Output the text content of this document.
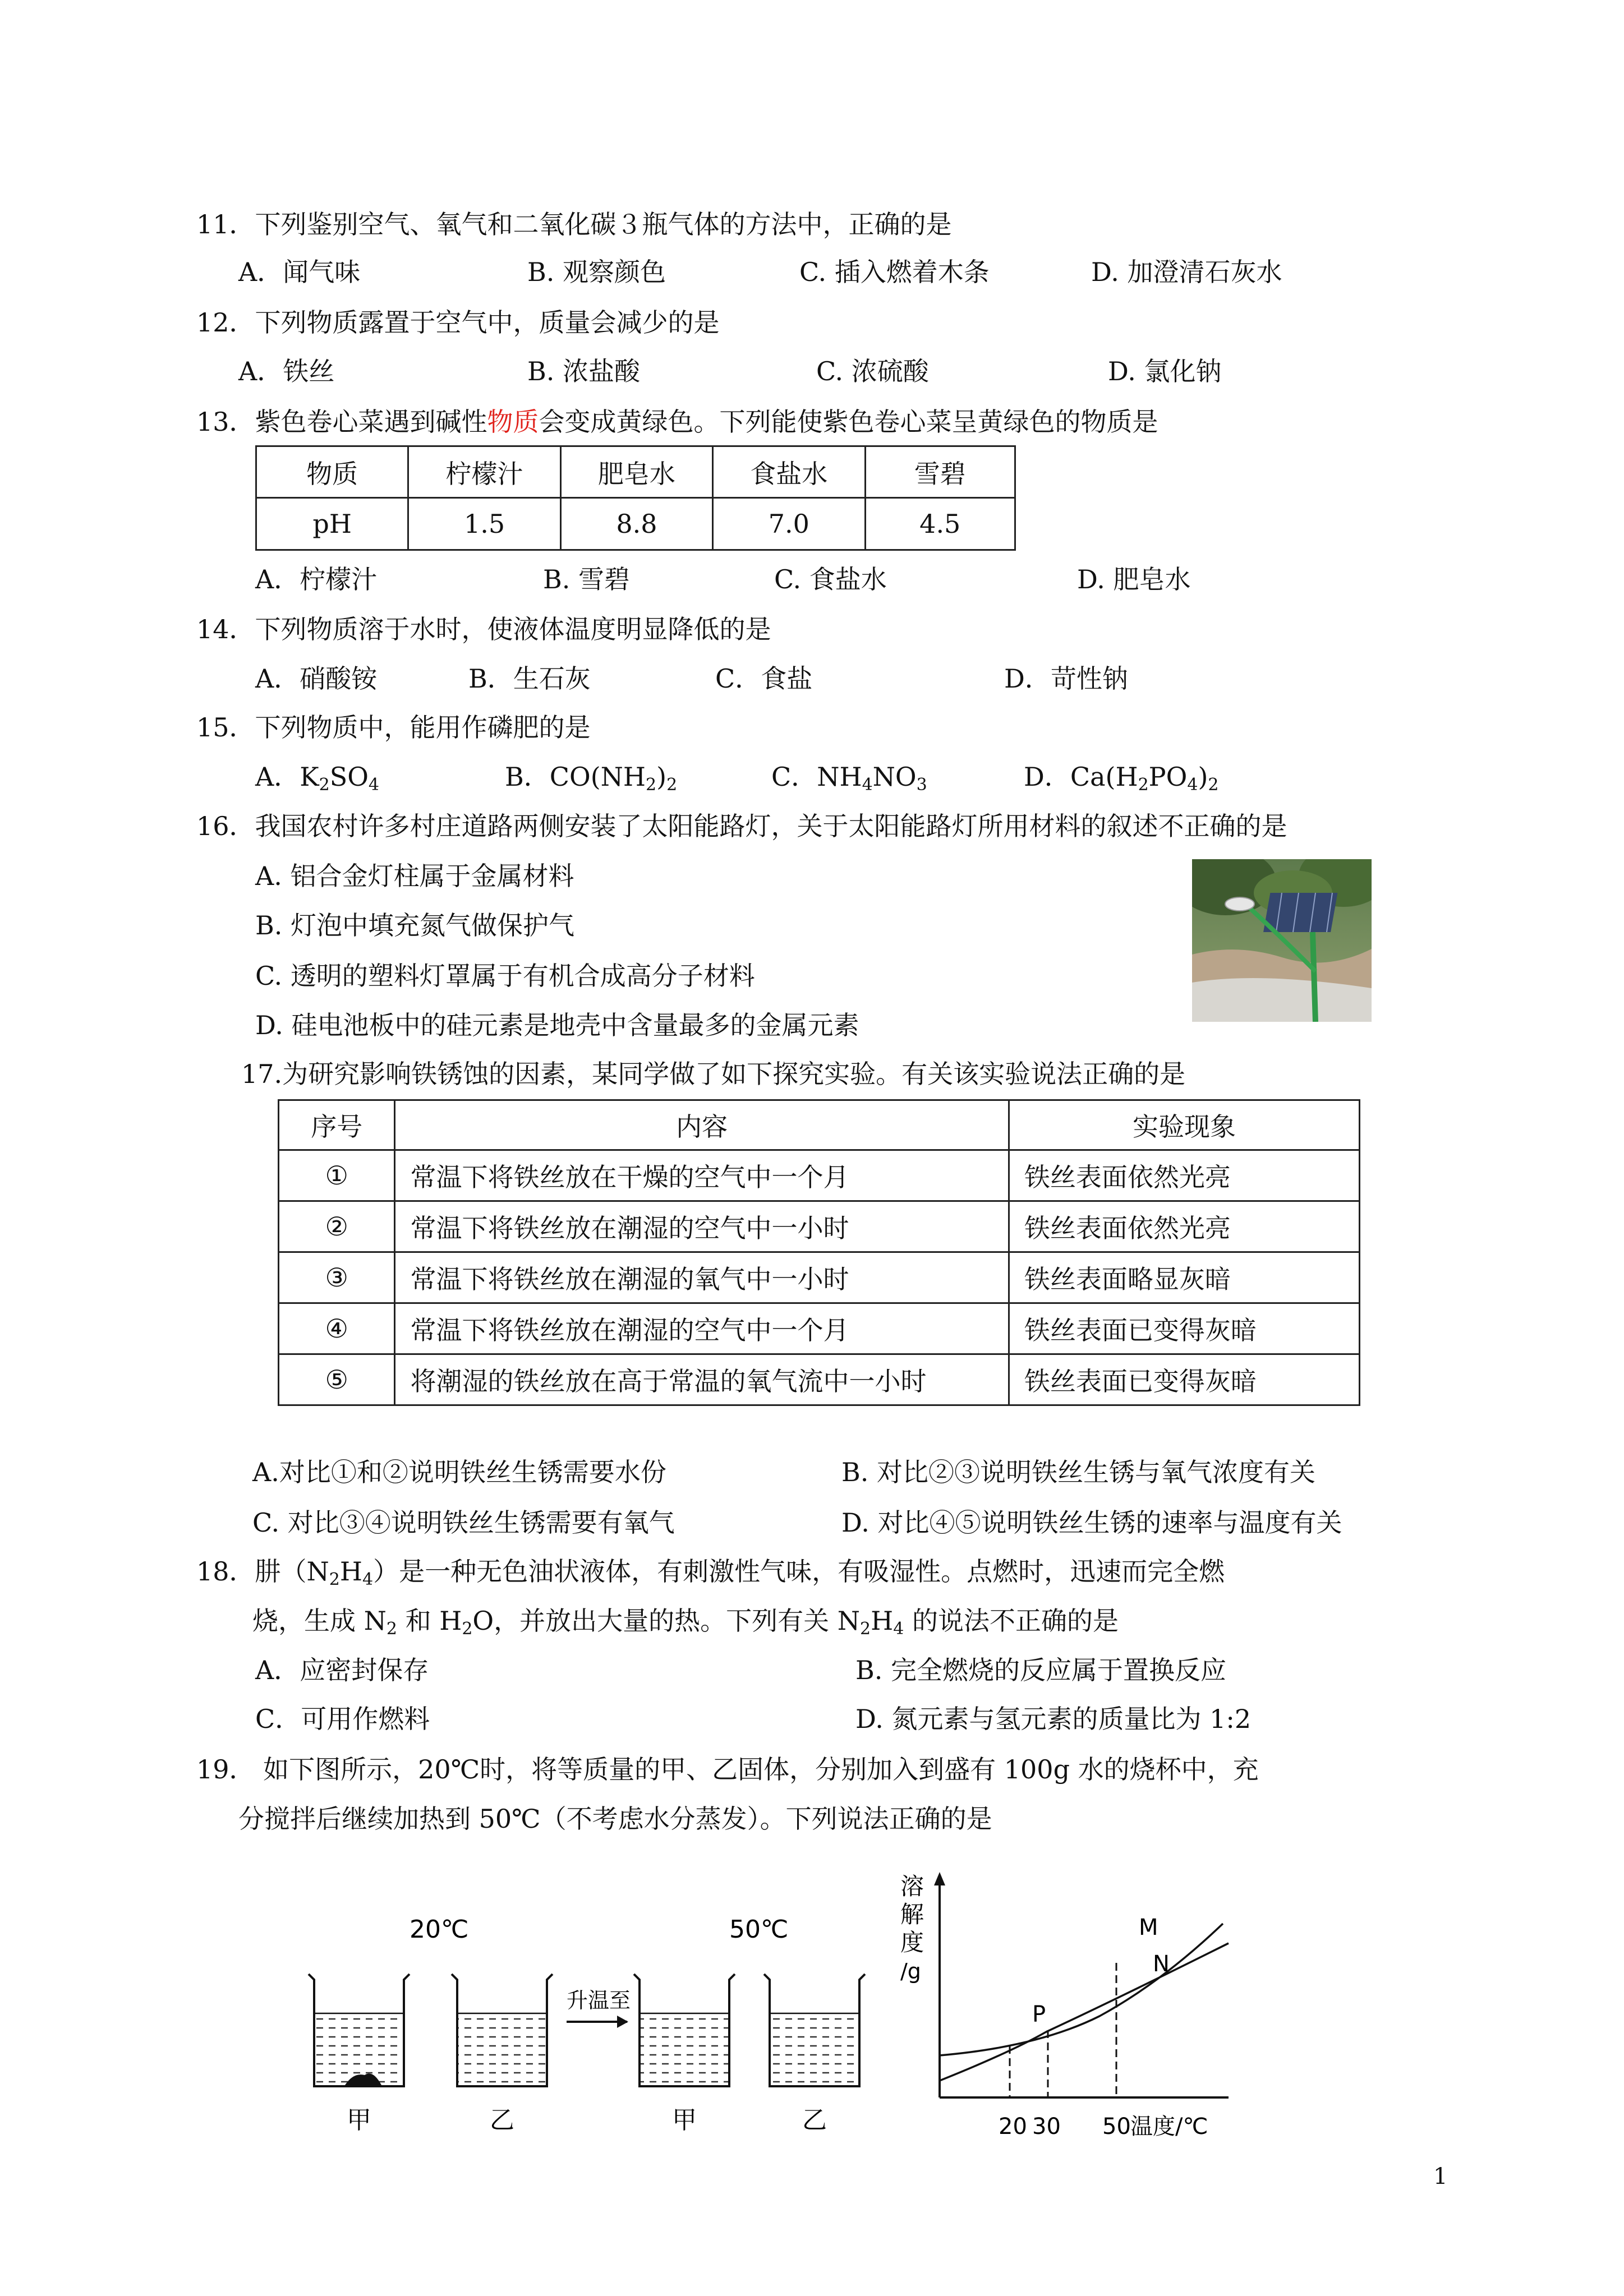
11．下列鉴别空气、氧气和二氧化碳３瓶气体的方法中，正确的是
A．闻气味	B. 观察颜色	C. 插入燃着木条	D. 加澄清石灰水
12．下列物质露置于空气中，质量会减少的是
A．铁丝	B. 浓盐酸	C. 浓硫酸	D. 氯化钠
13．紫色卷心菜遇到碱性物质会变成黄绿色。下列能使紫色卷心菜呈黄绿色的物质是
物质	柠檬汁	肥皂水	食盐水	雪碧
pH	1.5	8.8	7.0	4.5
A．柠檬汁	B. 雪碧	C. 食盐水	D. 肥皂水
14．下列物质溶于水时，使液体温度明显降低的是
A．硝酸铵	B．生石灰	C．食盐	D．苛性钠
15．下列物质中，能用作磷肥的是
A．$K_2SO_4$	B．$CO(NH_2)_2$	C．$NH_4NO_3$	D．$Ca(H_2PO_4)_2$
16．我国农村许多村庄道路两侧安装了太阳能路灯，关于太阳能路灯所用材料的叙述不正确的是
A. 铝合金灯柱属于金属材料
B. 灯泡中填充氮气做保护气
C. 透明的塑料灯罩属于有机合成高分子材料
D. 硅电池板中的硅元素是地壳中含量最多的金属元素
17.为研究影响铁锈蚀的因素，某同学做了如下探究实验。有关该实验说法正确的是
序号	内容	实验现象
①	常温下将铁丝放在干燥的空气中一个月	铁丝表面依然光亮
②	常温下将铁丝放在潮湿的空气中一小时	铁丝表面依然光亮
③	常温下将铁丝放在潮湿的氧气中一小时	铁丝表面略显灰暗
④	常温下将铁丝放在潮湿的空气中一个月	铁丝表面已变得灰暗
⑤	将潮湿的铁丝放在高于常温的氧气流中一小时	铁丝表面已变得灰暗
A.对比①和②说明铁丝生锈需要水份	B. 对比②③说明铁丝生锈与氧气浓度有关
C. 对比③④说明铁丝生锈需要有氧气	D. 对比④⑤说明铁丝生锈的速率与温度有关
18．肼$(N_2H_4)$是一种无色油状液体，有刺激性气味，有吸湿性。点燃时，迅速而完全燃
烧，生成 $N_2$ 和 $H_2O$，并放出大量的热。下列有关 $N_2H_4$ 的说法不正确的是
A．应密封保存	B. 完全燃烧的反应属于置换反应
C．可用作燃料	D. 氮元素与氢元素的质量比为 1:2
19． 如下图所示，20℃时，将等质量的甲、乙固体，分别加入到盛有 100g 水的烧杯中，充
分搅拌后继续加热到 50℃（不考虑水分蒸发）。下列说法正确的是
20℃	50℃
升温至
甲	乙	甲	乙
溶
解
度
/g
P
M
N
20 30 50 温度/℃
1
